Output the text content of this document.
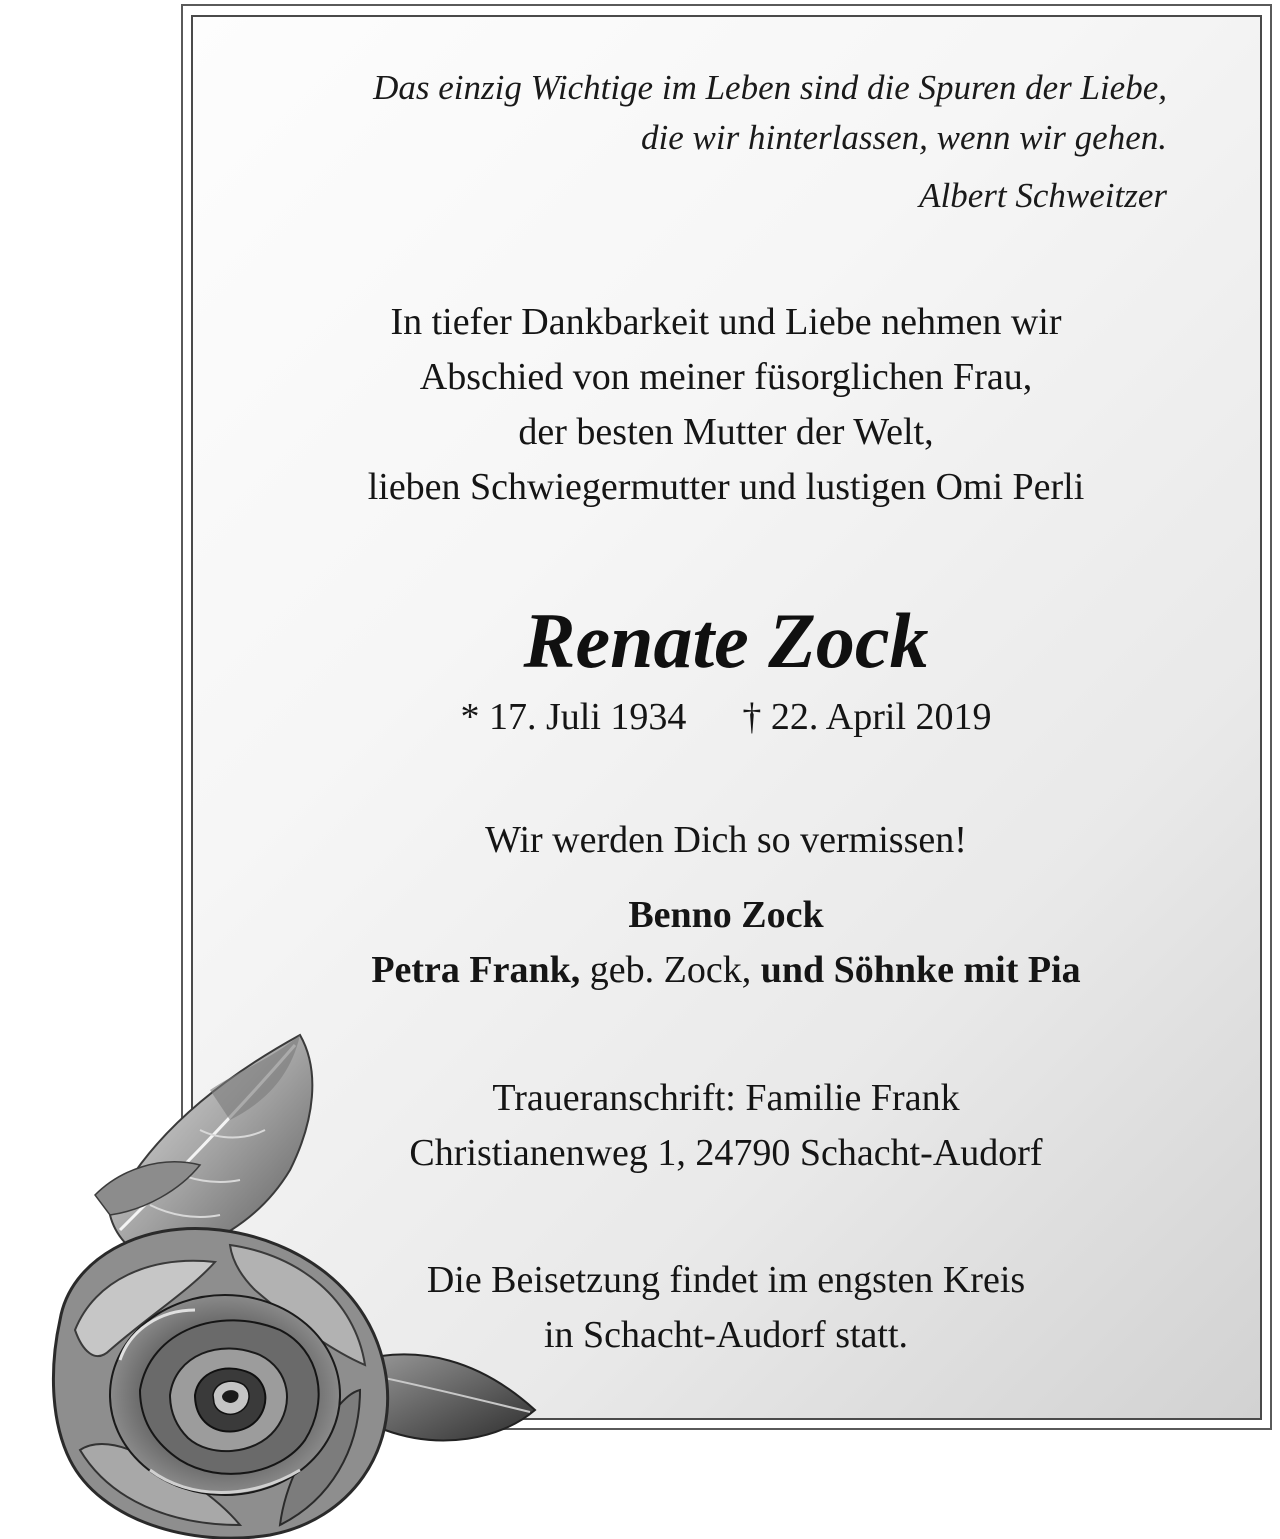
Das einzig Wichtige im Leben sind die Spuren der Liebe,
die wir hinterlassen, wenn wir gehen.
Albert Schweitzer
In tiefer Dankbarkeit und Liebe nehmen wir
Abschied von meiner füsorglichen Frau,
der besten Mutter der Welt,
lieben Schwiegermutter und lustigen Omi Perli
Renate Zock
* 17. Juli 1934 † 22. April 2019
Wir werden Dich so vermissen!
Benno Zock
Petra Frank, geb. Zock, und Söhnke mit Pia
Traueranschrift: Familie Frank
Christianenweg 1, 24790 Schacht-Audorf
Die Beisetzung findet im engsten Kreis
in Schacht-Audorf statt.
